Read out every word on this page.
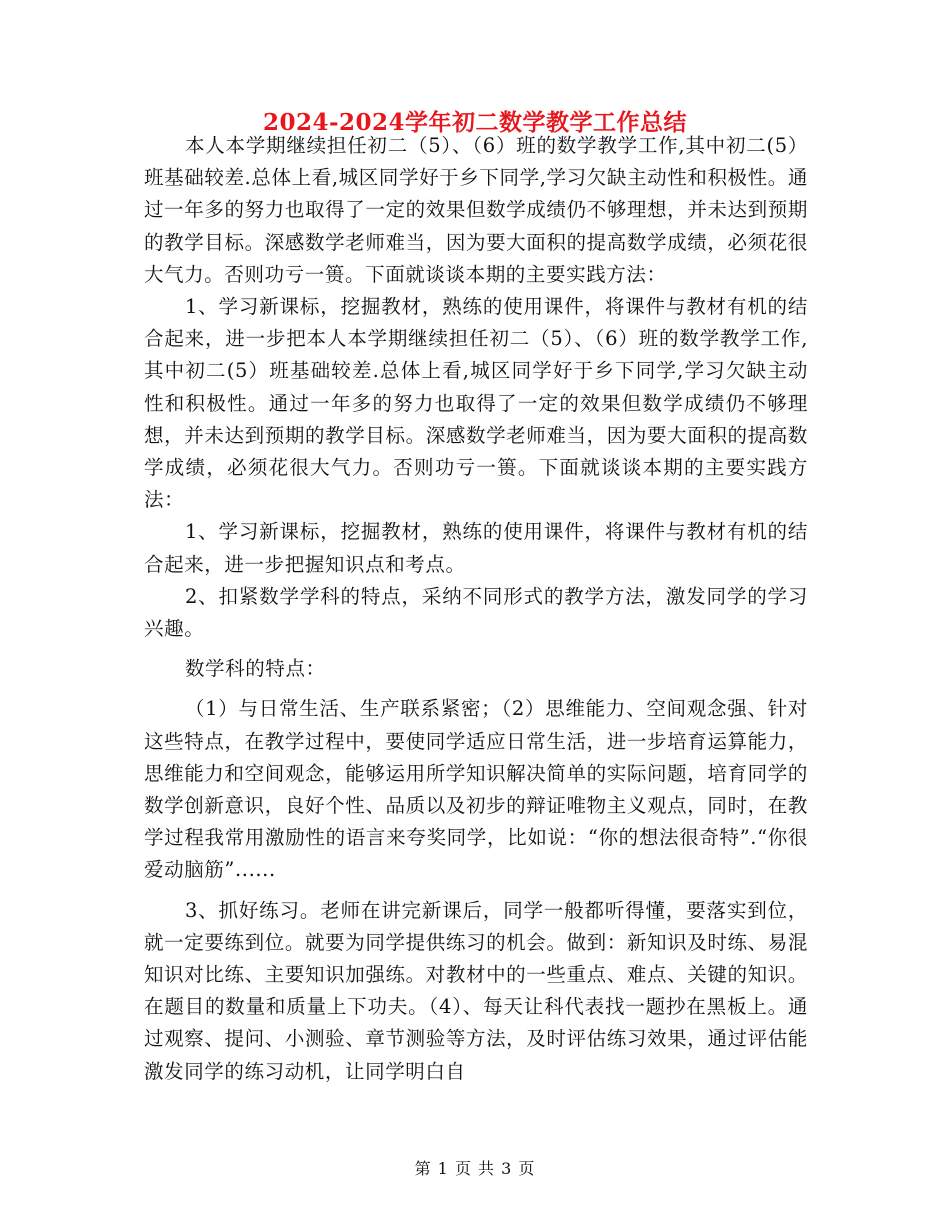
2024-2024学年初二数学教学工作总结

本人本学期继续担任初二（5）、（6）班的数学教学工作,其中初二(5）班基础较差.总体上看,城区同学好于乡下同学,学习欠缺主动性和积极性。通过一年多的努力也取得了一定的效果但数学成绩仍不够理想，并未达到预期的教学目标。深感数学老师难当，因为要大面积的提高数学成绩，必须花很大气力。否则功亏一篑。下面就谈谈本期的主要实践方法：

1、学习新课标，挖掘教材，熟练的使用课件，将课件与教材有机的结合起来，进一步把本人本学期继续担任初二（5）、（6）班的数学教学工作,其中初二(5）班基础较差.总体上看,城区同学好于乡下同学,学习欠缺主动性和积极性。通过一年多的努力也取得了一定的效果但数学成绩仍不够理想，并未达到预期的教学目标。深感数学老师难当，因为要大面积的提高数学成绩，必须花很大气力。否则功亏一篑。下面就谈谈本期的主要实践方法：

1、学习新课标，挖掘教材，熟练的使用课件，将课件与教材有机的结合起来，进一步把握知识点和考点。

2、扣紧数学学科的特点，采纳不同形式的教学方法，激发同学的学习兴趣。

数学科的特点：

（1）与日常生活、生产联系紧密；（2）思维能力、空间观念强、针对这些特点，在教学过程中，要使同学适应日常生活，进一步培育运算能力，思维能力和空间观念，能够运用所学知识解决简单的实际问题，培育同学的数学创新意识，良好个性、品质以及初步的辩证唯物主义观点，同时，在教学过程我常用激励性的语言来夸奖同学，比如说：“你的想法很奇特”.“你很爱动脑筋”......

3、抓好练习。老师在讲完新课后，同学一般都听得懂，要落实到位，就一定要练到位。就要为同学提供练习的机会。做到：新知识及时练、易混知识对比练、主要知识加强练。对教材中的一些重点、难点、关键的知识。在题目的数量和质量上下功夫。（4）、每天让科代表找一题抄在黑板上。通过观察、提问、小测验、章节测验等方法，及时评估练习效果，通过评估能激发同学的练习动机，让同学明白自

第 1 页 共 3 页
